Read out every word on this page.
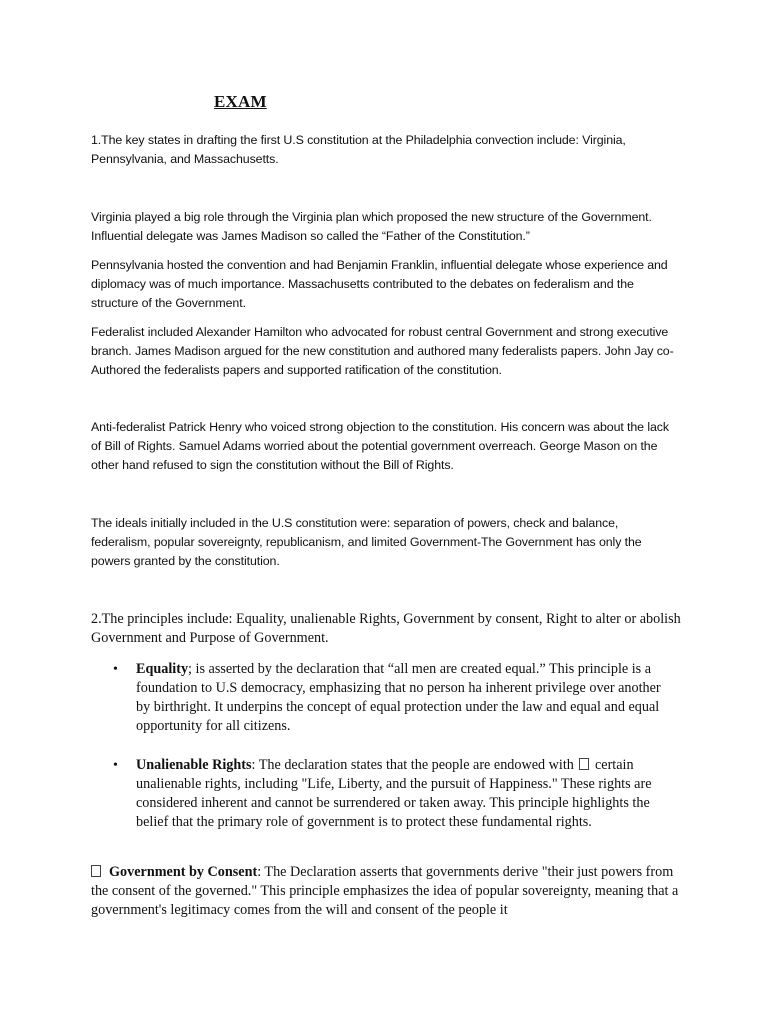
EXAM
1.The key states in drafting the first U.S constitution at the Philadelphia convection include: Virginia, Pennsylvania, and Massachusetts.
Virginia played a big role through the Virginia plan which proposed the new structure of the Government. Influential delegate was James Madison so called the “Father of the Constitution.”
Pennsylvania hosted the convention and had Benjamin Franklin, influential delegate whose experience and diplomacy was of much importance. Massachusetts contributed to the debates on federalism and the structure of the Government.
Federalist included Alexander Hamilton who advocated for robust central Government and strong executive branch. James Madison argued for the new constitution and authored many federalists papers. John Jay co-Authored the federalists papers and supported ratification of the constitution.
Anti-federalist Patrick Henry who voiced strong objection to the constitution. His concern was about the lack of Bill of Rights. Samuel Adams worried about the potential government overreach. George Mason on the other hand refused to sign the constitution without the Bill of Rights.
The ideals initially included in the U.S constitution were: separation of powers, check and balance, federalism, popular sovereignty, republicanism, and limited Government-The Government has only the powers granted by the constitution.
2.The principles include: Equality, unalienable Rights, Government by consent, Right to alter or abolish Government and Purpose of Government.
• Equality; is asserted by the declaration that “all men are created equal.” This principle is a foundation to U.S democracy, emphasizing that no person ha inherent privilege over another by birthright. It underpins the concept of equal protection under the law and equal and equal opportunity for all citizens.
• Unalienable Rights: The declaration states that the people are endowed with  certain unalienable rights, including "Life, Liberty, and the pursuit of Happiness." These rights are considered inherent and cannot be surrendered or taken away. This principle highlights the belief that the primary role of government is to protect these fundamental rights.
Government by Consent: The Declaration asserts that governments derive "their just powers from the consent of the governed." This principle emphasizes the idea of popular sovereignty, meaning that a government's legitimacy comes from the will and consent of the people it
